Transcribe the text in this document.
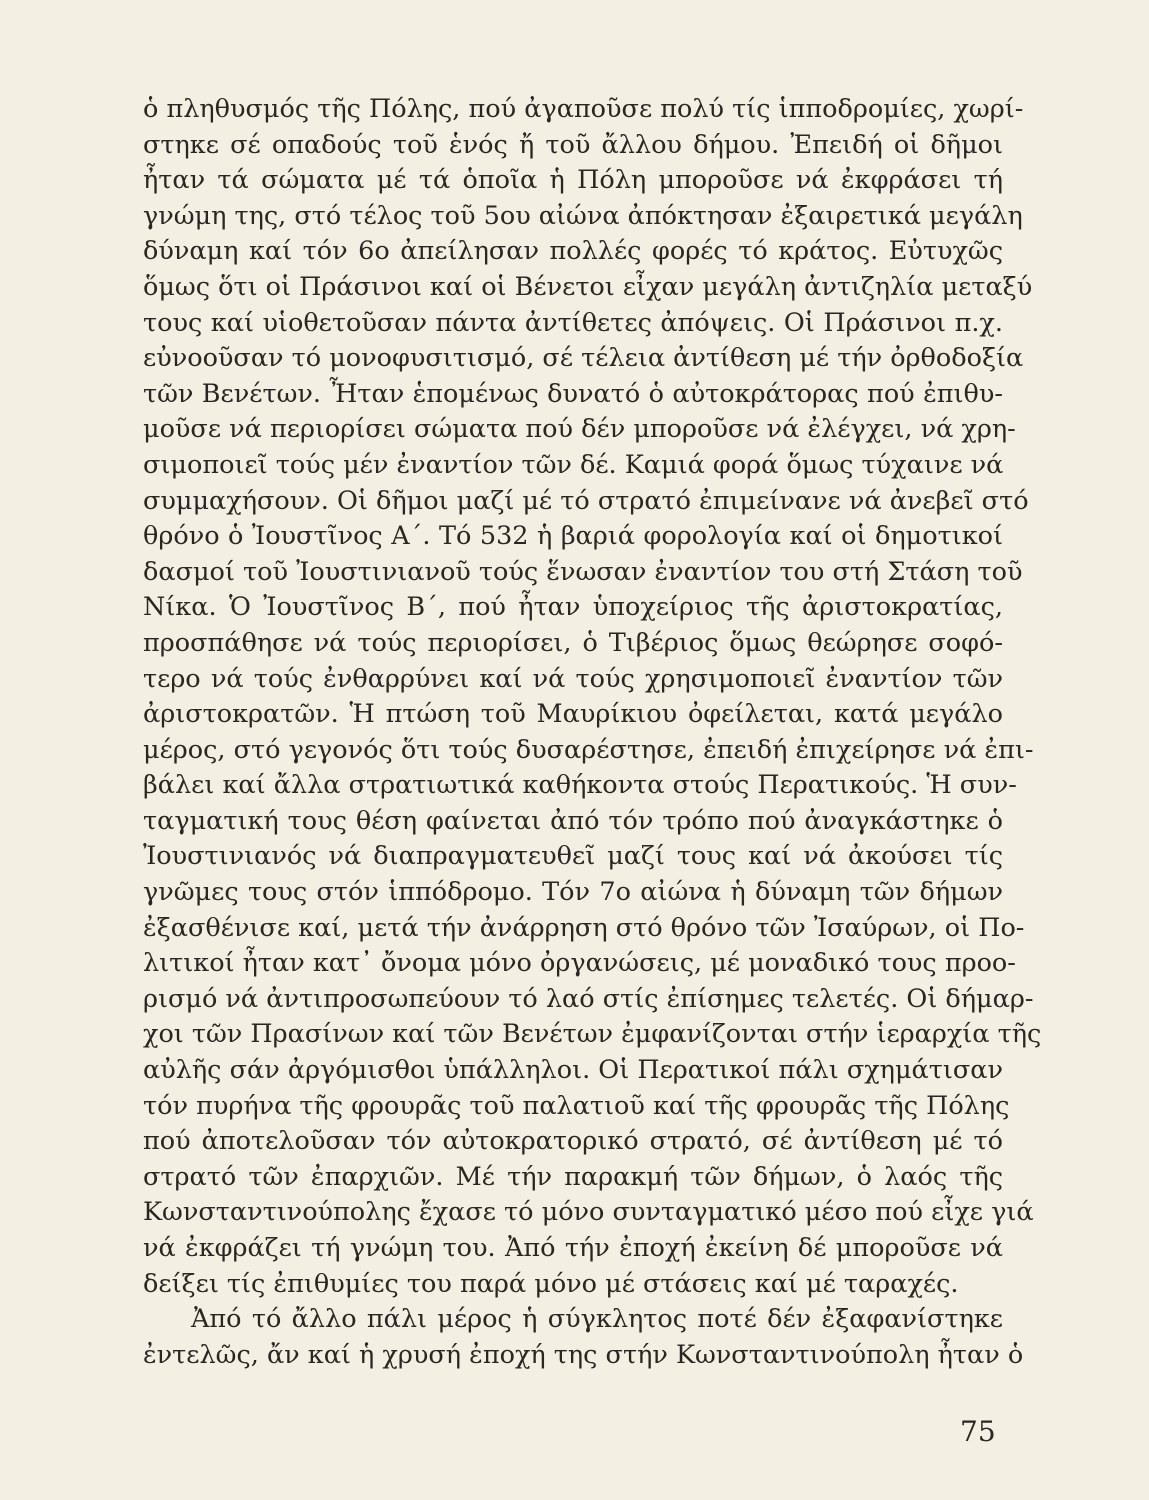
ὁ πληθυσμός τῆς Πόλης, πού ἀγαποῦσε πολύ τίς ἱπποδρομίες, χωρί-
στηκε σέ οπαδούς τοῦ ἑνός ἤ τοῦ ἄλλου δήμου. Ἐπειδή οἱ δῆμοι
ἦταν τά σώματα μέ τά ὁποῖα ἡ Πόλη μποροῦσε νά ἐκφράσει τή
γνώμη της, στό τέλος τοῦ 5ου αἰώνα ἀπόκτησαν ἐξαιρετικά μεγάλη
δύναμη καί τόν 6ο ἀπείλησαν πολλές φορές τό κράτος. Εὐτυχῶς
ὅμως ὅτι οἱ Πράσινοι καί οἱ Βένετοι εἶχαν μεγάλη ἀντιζηλία μεταξύ
τους καί υἱοθετοῦσαν πάντα ἀντίθετες ἀπόψεις. Οἱ Πράσινοι π.χ.
εὐνοοῦσαν τό μονοφυσιτισμό, σέ τέλεια ἀντίθεση μέ τήν ὀρθοδοξία
τῶν Βενέτων. Ἦταν ἑπομένως δυνατό ὁ αὐτοκράτορας πού ἐπιθυ-
μοῦσε νά περιορίσει σώματα πού δέν μποροῦσε νά ἐλέγχει, νά χρη-
σιμοποιεῖ τούς μέν ἐναντίον τῶν δέ. Καμιά φορά ὅμως τύχαινε νά
συμμαχήσουν. Οἱ δῆμοι μαζί μέ τό στρατό ἐπιμείνανε νά ἀνεβεῖ στό
θρόνο ὁ Ἰουστῖνος Α΄. Τό 532 ἡ βαριά φορολογία καί οἱ δημοτικοί
δασμοί τοῦ Ἰουστινιανοῦ τούς ἕνωσαν ἐναντίον του στή Στάση τοῦ
Νίκα. Ὁ Ἰουστῖνος Β΄, πού ἦταν ὑποχείριος τῆς ἀριστοκρατίας,
προσπάθησε νά τούς περιορίσει, ὁ Τιβέριος ὅμως θεώρησε σοφό-
τερο νά τούς ἐνθαρρύνει καί νά τούς χρησιμοποιεῖ ἐναντίον τῶν
ἀριστοκρατῶν. Ἡ πτώση τοῦ Μαυρίκιου ὀφείλεται, κατά μεγάλο
μέρος, στό γεγονός ὅτι τούς δυσαρέστησε, ἐπειδή ἐπιχείρησε νά ἐπι-
βάλει καί ἄλλα στρατιωτικά καθήκοντα στούς Περατικούς. Ἡ συν-
ταγματική τους θέση φαίνεται ἀπό τόν τρόπο πού ἀναγκάστηκε ὁ
Ἰουστινιανός νά διαπραγματευθεῖ μαζί τους καί νά ἀκούσει τίς
γνῶμες τους στόν ἱππόδρομο. Τόν 7ο αἰώνα ἡ δύναμη τῶν δήμων
ἐξασθένισε καί, μετά τήν ἀνάρρηση στό θρόνο τῶν Ἰσαύρων, οἱ Πο-
λιτικοί ἦταν κατ᾽ ὄνομα μόνο ὀργανώσεις, μέ μοναδικό τους προο-
ρισμό νά ἀντιπροσωπεύουν τό λαό στίς ἐπίσημες τελετές. Οἱ δήμαρ-
χοι τῶν Πρασίνων καί τῶν Βενέτων ἐμφανίζονται στήν ἱεραρχία τῆς
αὐλῆς σάν ἀργόμισθοι ὑπάλληλοι. Οἱ Περατικοί πάλι σχημάτισαν
τόν πυρήνα τῆς φρουρᾶς τοῦ παλατιοῦ καί τῆς φρουρᾶς τῆς Πόλης
πού ἀποτελοῦσαν τόν αὐτοκρατορικό στρατό, σέ ἀντίθεση μέ τό
στρατό τῶν ἐπαρχιῶν. Μέ τήν παρακμή τῶν δήμων, ὁ λαός τῆς
Κωνσταντινούπολης ἔχασε τό μόνο συνταγματικό μέσο πού εἶχε γιά
νά ἐκφράζει τή γνώμη του. Ἀπό τήν ἐποχή ἐκείνη δέ μποροῦσε νά
δείξει τίς ἐπιθυμίες του παρά μόνο μέ στάσεις καί μέ ταραχές.
Ἀπό τό ἄλλο πάλι μέρος ἡ σύγκλητος ποτέ δέν ἐξαφανίστηκε
ἐντελῶς, ἄν καί ἡ χρυσή ἐποχή της στήν Κωνσταντινούπολη ἦταν ὁ
75
